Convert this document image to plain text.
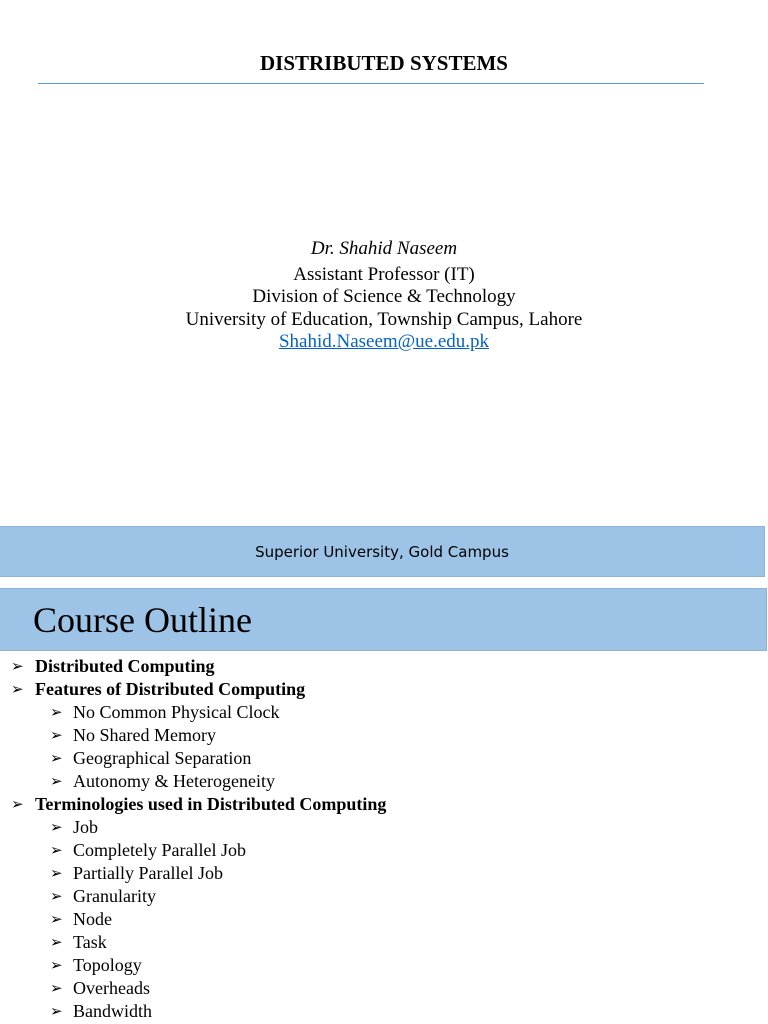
DISTRIBUTED SYSTEMS
Dr. Shahid Naseem
Assistant Professor (IT)
Division of Science & Technology
University of Education, Township Campus, Lahore
Shahid.Naseem@ue.edu.pk
Superior University, Gold Campus
Course Outline
➢ Distributed Computing
➢ Features of Distributed Computing
➢ No Common Physical Clock
➢ No Shared Memory
➢ Geographical Separation
➢ Autonomy & Heterogeneity
➢ Terminologies used in Distributed Computing
➢ Job
➢ Completely Parallel Job
➢ Partially Parallel Job
➢ Granularity
➢ Node
➢ Task
➢ Topology
➢ Overheads
➢ Bandwidth
